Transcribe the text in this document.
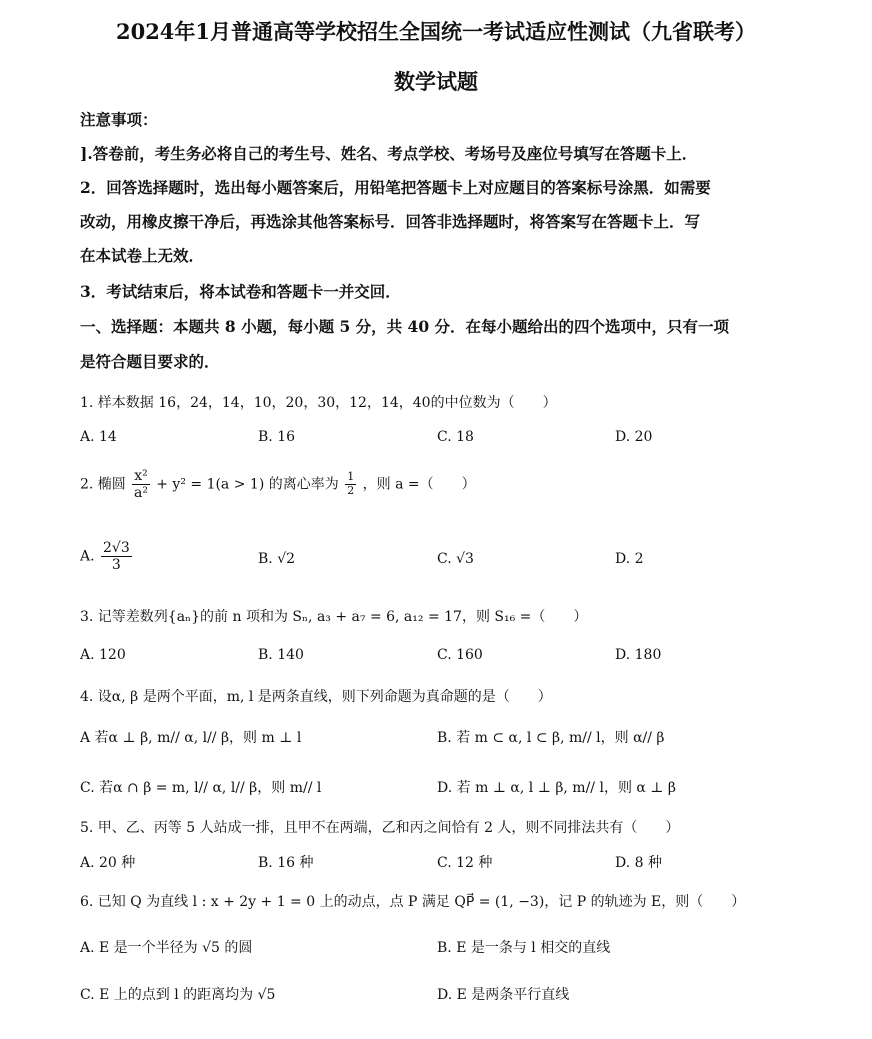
2024年1月普通高等学校招生全国统一考试适应性测试（九省联考）
数学试题
注意事项：
].答卷前，考生务必将自己的考生号、姓名、考点学校、考场号及座位号填写在答题卡上．
2．回答选择题时，选出每小题答案后，用铅笔把答题卡上对应题目的答案标号涂黑．如需要
改动，用橡皮擦干净后，再选涂其他答案标号．回答非选择题时，将答案写在答题卡上．写
在本试卷上无效．
3．考试结束后，将本试卷和答题卡一并交回．
一、选择题：本题共 8 小题，每小题 5 分，共 40 分．在每小题给出的四个选项中，只有一项
是符合题目要求的．
1. 样本数据 16，24，14，10，20，30，12，14，40的中位数为（　　）
A. 14	B. 16	C. 18	D. 20
2. 椭圆 $\frac{\text{x²}}{\text{a²}} + y^2 = 1(a > 1)$ 的离心率为 $\frac{1}{2}$ ，则 a =（　　）
A. $\frac{2√3}{3}$	B. √2	C. √3	D. 2
3. 记等差数列{aₙ}的前 n 项和为 Sₙ, a₃ + a₇ = 6, a₁₂ = 17，则 S₁₆ =（　　）
A. 120	B. 140	C. 160	D. 180
4. 设α, β 是两个平面，m, l 是两条直线，则下列命题为真命题的是（　　）
A 若α ⊥ β, m// α, l// β，则 m ⊥ l	B. 若 m ⊂ α, l ⊂ β, m// l，则 α// β
C. 若α ∩ β = m, l// α, l// β，则 m// l	D. 若 m ⊥ α, l ⊥ β, m// l，则 α ⊥ β
5. 甲、乙、丙等 5 人站成一排，且甲不在两端，乙和丙之间恰有 2 人，则不同排法共有（　　）
A. 20 种	B. 16 种	C. 12 种	D. 8 种
6. 已知 Q 为直线 l : x + 2y + 1 = 0 上的动点，点 P 满足 QP⃗ = (1, −3)，记 P 的轨迹为 E，则（　　）
A. E 是一个半径为 √5 的圆	B. E 是一条与 l 相交的直线
C. E 上的点到 l 的距离均为 √5	D. E 是两条平行直线
